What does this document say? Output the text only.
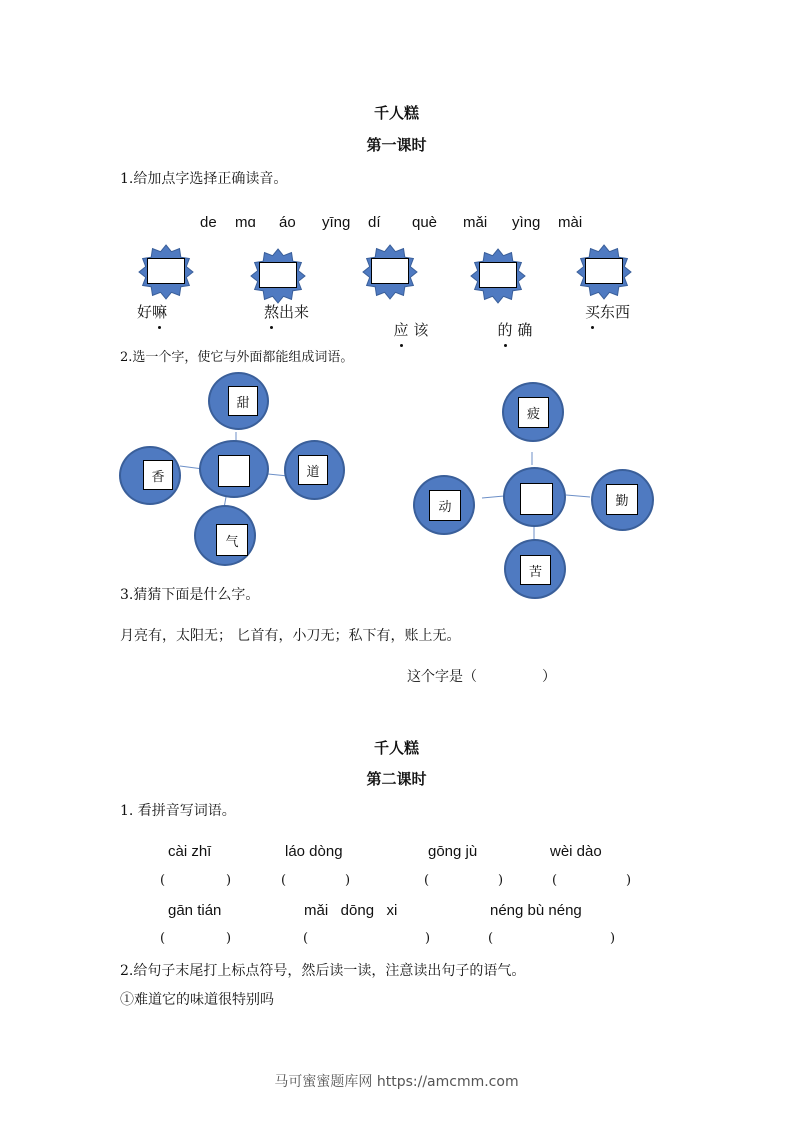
千人糕
第一课时
1.给加点字选择正确读音。
de mɑ áo yīng dí què mǎi yìng mài
好嘛	熬
出来

应
该	的
确

买
东西
2.选一个字，使它与外面都能组成词语。
甜
香	道
气
疲
动	勤
苦
3.猜猜下面是什么字。
月亮有，太阳无； 匕首有，小刀无；私下有，账上无。
这个字是（	）
千人糕
第二课时
1. 看拼音写词语。
cài zhī	láo dòng	gōng jù	wèi dào
(	)	(	)	(	)	(	)
gān tián	mǎi   dōng   xi	néng bù néng
(	)	(	)	(	)
2.给句子末尾打上标点符号，然后读一读，注意读出句子的语气。
①难道它的味道很特别吗
马可蜜蜜题库网 https://amcmm.com
